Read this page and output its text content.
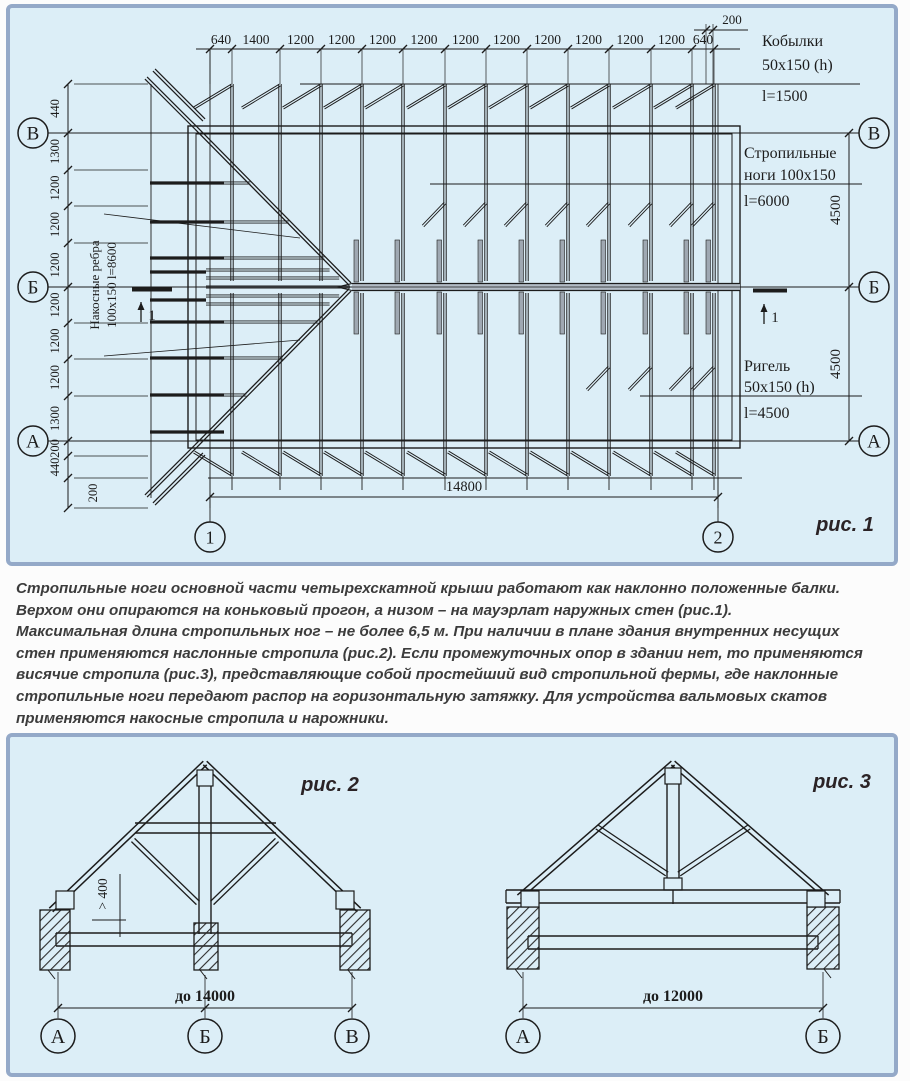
640 1400 1200 1200 1200 1200 1200 1200 1200 1200 1200 1200 640
200
440
1300
1200
1200
1200
1200
1200
1200
1300
200
440
200
4500
4500
14800
В	В
Б	Б
А	А
1	2
Кобылки
50x150 (h)
l=1500
Стропильные
ноги 100x150
l=6000
Ригель
50x150 (h)
l=4500
Накосные ребра 100x150 l=8600 1	1
рис. 1
Стропильные ноги основной части четырехскатной крыши работают как наклонно положенные балки.
Верхом они опираются на коньковый прогон, а низом – на мауэрлат наружных стен (рис.1).
Максимальная длина стропильных ног – не более 6,5 м. При наличии в плане здания внутренних несущих
стен применяются наслонные стропила (рис.2). Если промежуточных опор в здании нет, то применяются
висячие стропила (рис.3), представляющие собой простейший вид стропильной фермы, где наклонные
стропильные ноги передают распор на горизонтальную затяжку. Для устройства вальмовых скатов
применяются накосные стропила и нарожники.
> 400
до 14000
А	Б	В
рис. 2
до 12000
А	Б
рис. 3
